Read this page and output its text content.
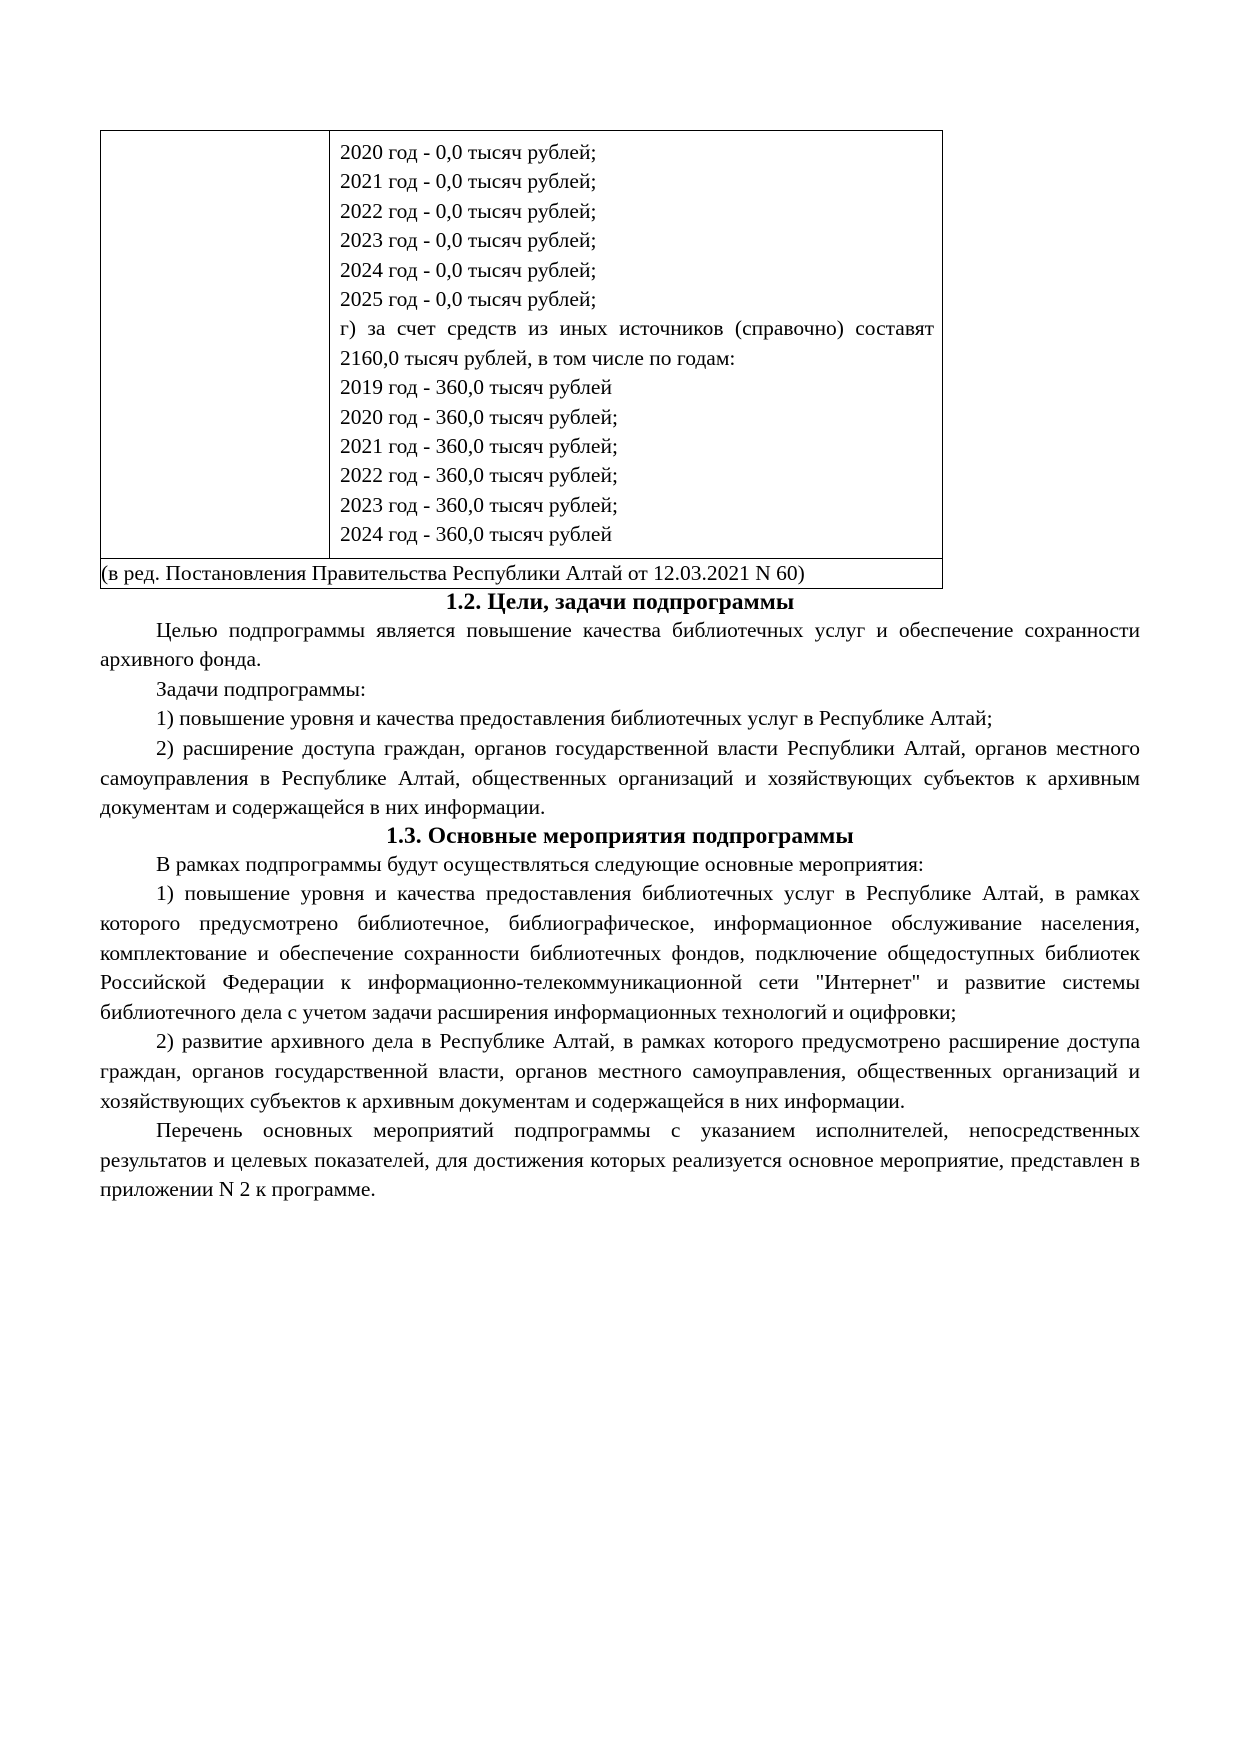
2020 год - 0,0 тысяч рублей;
2021 год - 0,0 тысяч рублей;
2022 год - 0,0 тысяч рублей;
2023 год - 0,0 тысяч рублей;
2024 год - 0,0 тысяч рублей;
2025 год - 0,0 тысяч рублей;
г) за счет средств из иных источников (справочно) составят
2160,0 тысяч рублей, в том числе по годам:
2019 год - 360,0 тысяч рублей
2020 год - 360,0 тысяч рублей;
2021 год - 360,0 тысяч рублей;
2022 год - 360,0 тысяч рублей;
2023 год - 360,0 тысяч рублей;
2024 год - 360,0 тысяч рублей

(в ред. Постановления Правительства Республики Алтай от 12.03.2021 N 60)
1.2. Цели, задачи подпрограммы

Целью подпрограммы является повышение качества библиотечных услуг и обеспечение сохранности архивного фонда.

Задачи подпрограммы:

1) повышение уровня и качества предоставления библиотечных услуг в Республике Алтай;

2) расширение доступа граждан, органов государственной власти Республики Алтай, органов местного самоуправления в Республике Алтай, общественных организаций и хозяйствующих субъектов к архивным документам и содержащейся в них информации.

1.3. Основные мероприятия подпрограммы

В рамках подпрограммы будут осуществляться следующие основные мероприятия:

1) повышение уровня и качества предоставления библиотечных услуг в Республике Алтай, в рамках которого предусмотрено библиотечное, библиографическое, информационное обслуживание населения, комплектование и обеспечение сохранности библиотечных фондов, подключение общедоступных библиотек Российской Федерации к информационно-телекоммуникационной сети "Интернет" и развитие системы библиотечного дела с учетом задачи расширения информационных технологий и оцифровки;

2) развитие архивного дела в Республике Алтай, в рамках которого предусмотрено расширение доступа граждан, органов государственной власти, органов местного самоуправления, общественных организаций и хозяйствующих субъектов к архивным документам и содержащейся в них информации.

Перечень основных мероприятий подпрограммы с указанием исполнителей, непосредственных результатов и целевых показателей, для достижения которых реализуется основное мероприятие, представлен в приложении N 2 к программе.
